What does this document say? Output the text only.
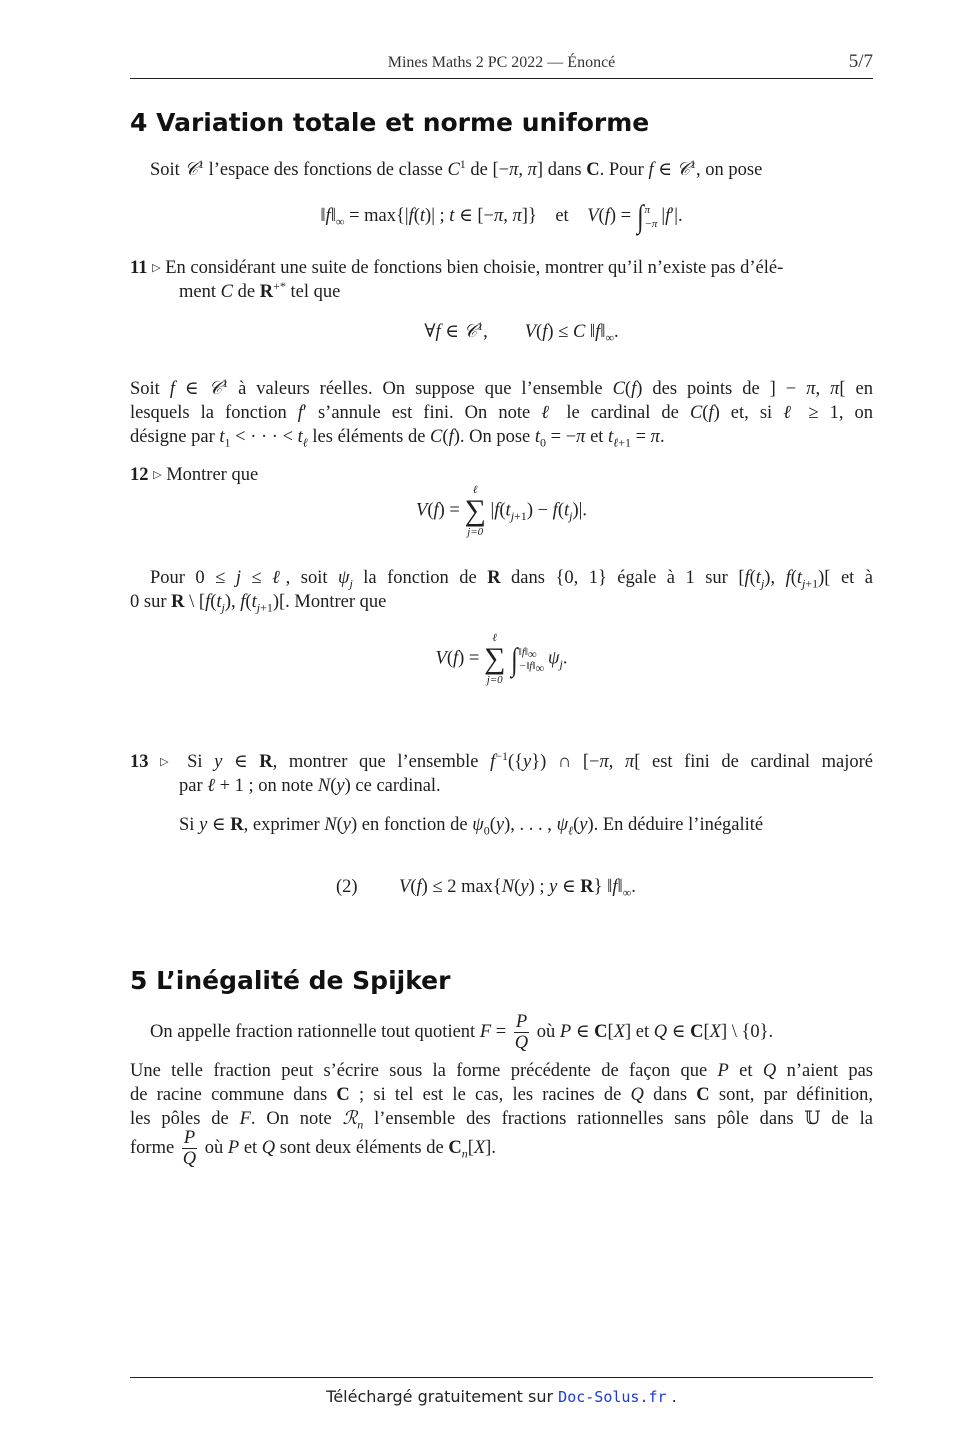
Mines Maths 2 PC 2022 — Énoncé	5/7
4 Variation totale et norme uniforme
Soit 𝒞$^1$ l’espace des fonctions de classe $C^1$ de [−π, π] dans C. Pour f ∈ 𝒞$^1$, on pose
$‖f‖_\infty = \max\{|f(t)|$ ; t ∈ [−π, π]}    et    V(f) = ∫ π
−π |f′|.
11 ▷ En considérant une suite de fonctions bien choisie, montrer qu’il n’existe pas d’élé-
ment C de R+* tel que
∀f ∈ 𝒞$^1$,        V(f) ≤ C $‖f‖_\infty$.
Soit f ∈ 𝒞$^1$ à valeurs réelles. On suppose que l’ensemble C(f) des points de ] − π, π[ en
lesquels la fonction f′ s’annule est fini. On note ℓ le cardinal de C(f) et, si ℓ ≥ 1, on
désigne par $t_1$ < · · · < $t_\ell$ les éléments de C(f). On pose $t_0 = -\pi$ et $t_{\ell+1} = \pi$.
12 ▷ Montrer que
V(f) =
ℓ
∑
j=0
$|f(t_{j+1}) - f(t_j)|$.
Pour 0 ≤ j ≤ ℓ, soit $\psi_j$ la fonction de R dans {0, 1} égale à 1 sur [$f(t_j)$, $f(t_{j+1})$[ et à
0 sur R \ [$f(t_j)$, $f(t_{j+1})$[. Montrer que
V(f) =
ℓ
∑
j=0
∫ $‖f‖_\infty$
$-‖f‖_\infty$ $\psi_j$.
13 ▷ Si y ∈ R, montrer que l’ensemble $f^{-1}(\{y\})$ ∩ [−π, π[ est fini de cardinal majoré
par ℓ + 1 ; on note N(y) ce cardinal.
Si y ∈ R, exprimer N(y) en fonction de $\psi_0(y)$, . . . , $\psi_\ell(y)$. En déduire l’inégalité
(2) V(f) ≤ 2 max{N(y) ; y ∈ R} $‖f‖_\infty$.
5 L’inégalité de Spijker
On appelle fraction rationnelle tout quotient $F = \frac{P}{Q}$ où P ∈ C[X] et Q ∈ C[X] \ {0}.
Une telle fraction peut s’écrire sous la forme précédente de façon que P et Q n’aient pas
de racine commune dans C ; si tel est le cas, les racines de Q dans C sont, par définition,
les pôles de F. On note ℛ$_n$ l’ensemble des fractions rationnelles sans pôle dans 𝕌 de la
forme $\frac{P}{Q}$ où P et Q sont deux éléments de $C_n[X]$.
Téléchargé gratuitement sur Doc-Solus.fr .
